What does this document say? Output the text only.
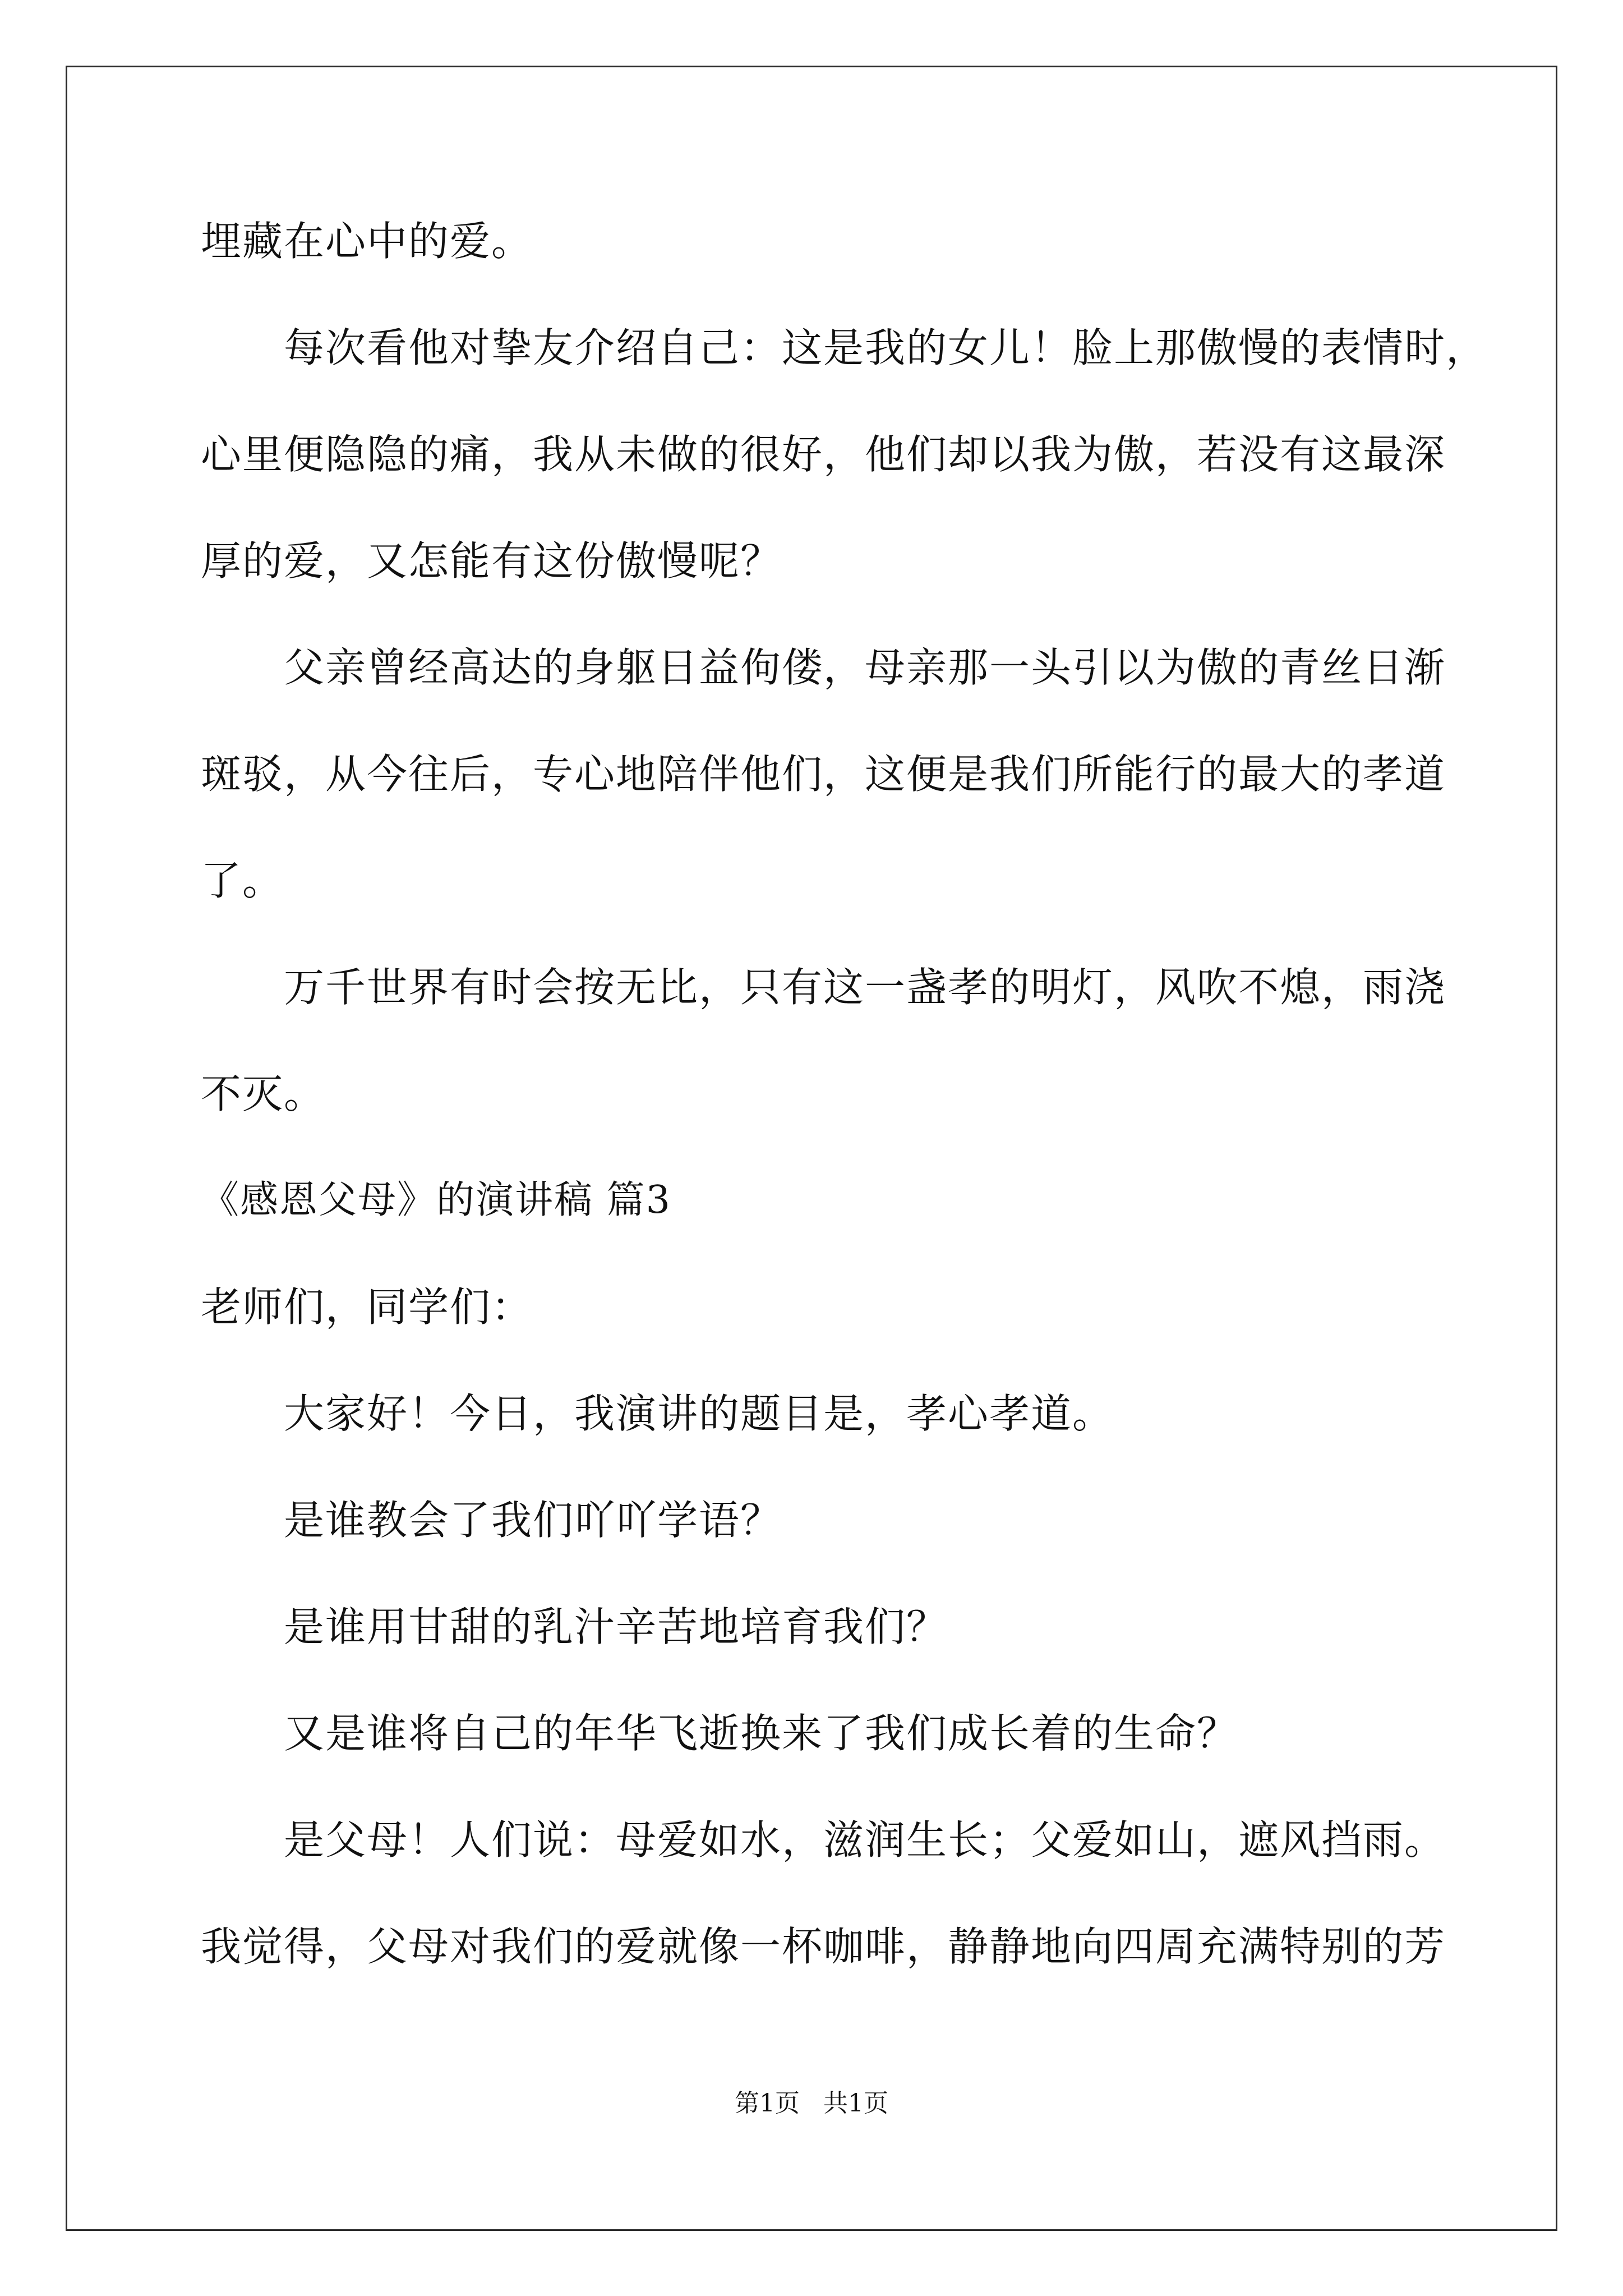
埋藏在心中的爱。
每次看他对挚友介绍自己：这是我的女儿！脸上那傲慢的表情时，
心里便隐隐的痛，我从未做的很好，他们却以我为傲，若没有这最深
厚的爱，又怎能有这份傲慢呢？
父亲曾经高达的身躯日益佝偻，母亲那一头引以为傲的青丝日渐
斑驳，从今往后，专心地陪伴他们，这便是我们所能行的最大的孝道
了。
万千世界有时会按无比，只有这一盏孝的明灯，风吹不熄，雨浇
不灭。
《感恩父母》的演讲稿 篇3
老师们，同学们：
大家好！今日，我演讲的题目是，孝心孝道。
是谁教会了我们吖吖学语？
是谁用甘甜的乳汁辛苦地培育我们？
又是谁将自己的年华飞逝换来了我们成长着的生命？
是父母！人们说：母爱如水，滋润生长；父爱如山，遮风挡雨。
我觉得，父母对我们的爱就像一杯咖啡，静静地向四周充满特别的芳
第1页   共1页
